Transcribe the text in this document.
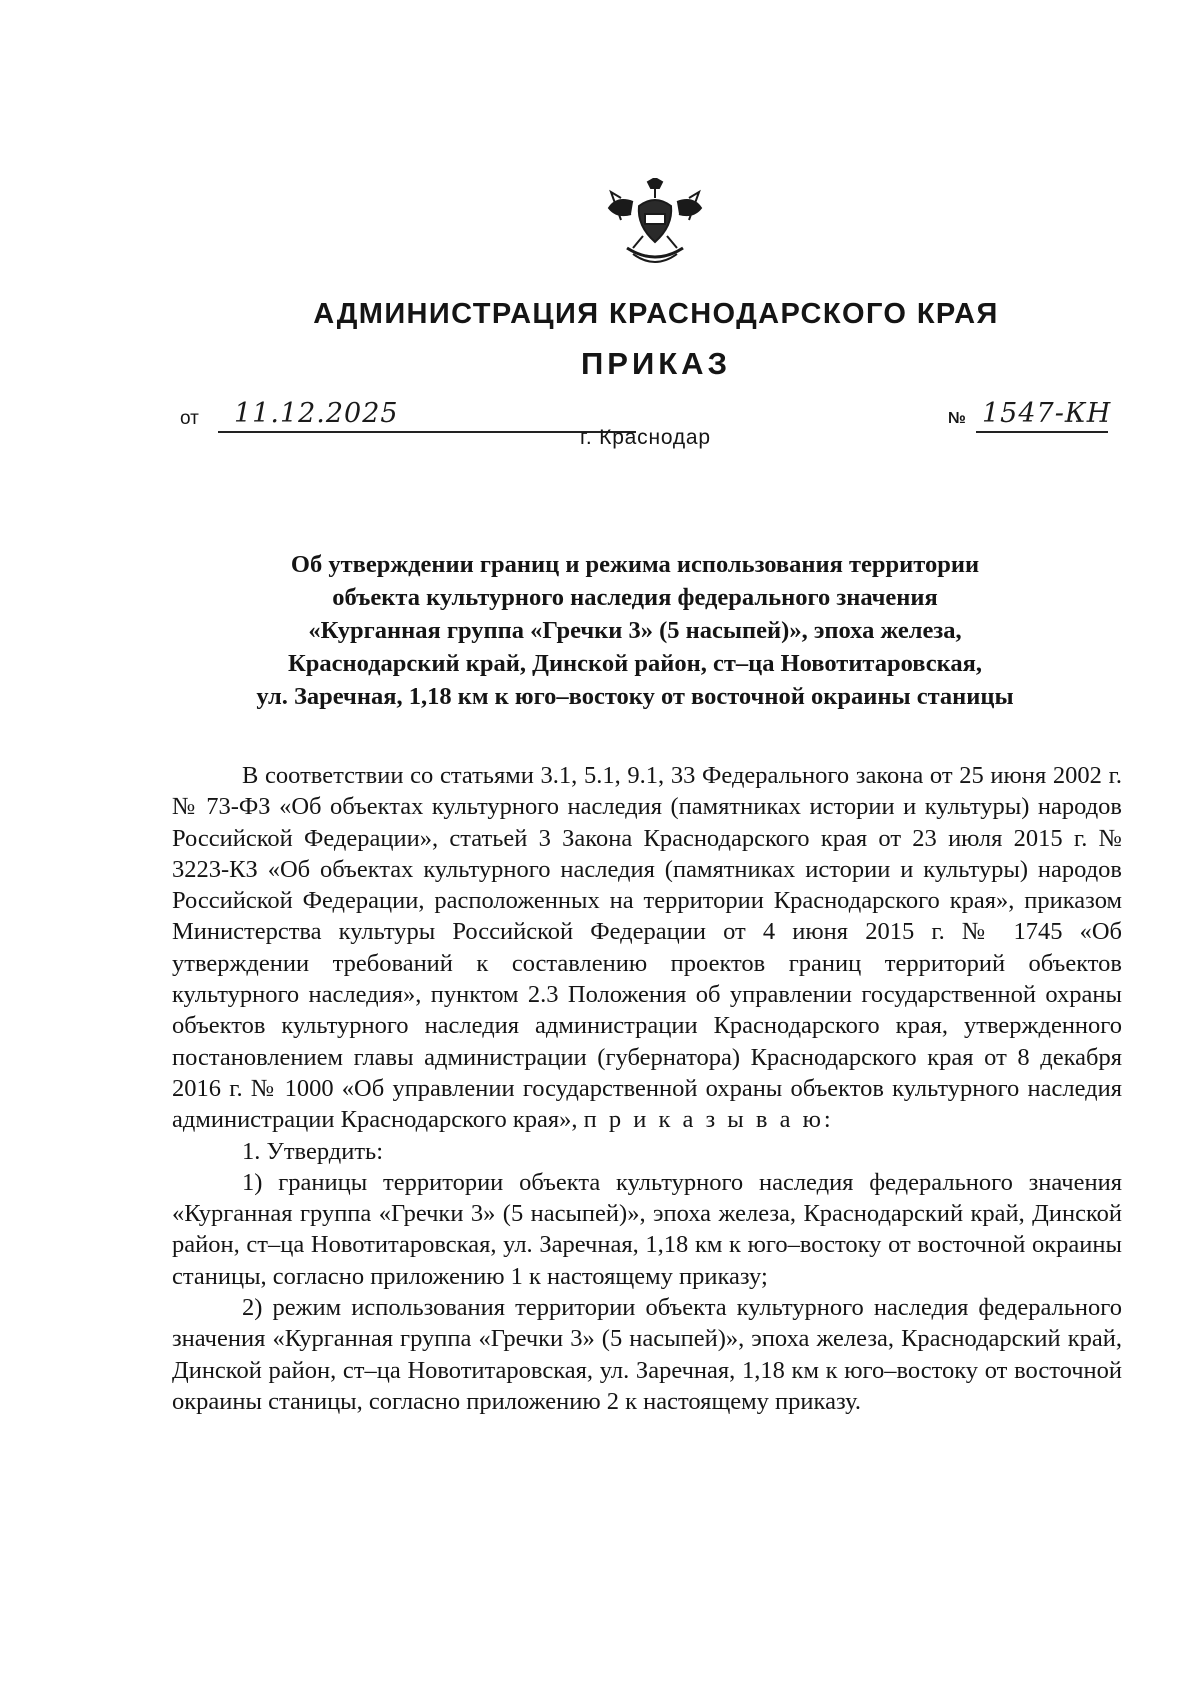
АДМИНИСТРАЦИЯ КРАСНОДАРСКОГО КРАЯ
ПРИКАЗ
от 11.12.2025
г. Краснодар
№ 1547-КН
Об утверждении границ и режима использования территории
объекта культурного наследия федерального значения
«Курганная группа «Гречки 3» (5 насыпей)», эпоха железа,
Краснодарский край, Динской район, ст–ца Новотитаровская,
ул. Заречная, 1,18 км к юго–востоку от восточной окраины станицы

В соответствии со статьями 3.1, 5.1, 9.1, 33 Федерального закона от 25 июня 2002 г. № 73-ФЗ «Об объектах культурного наследия (памятниках истории и культуры) народов Российской Федерации», статьей 3 Закона Краснодарского края от 23 июля 2015 г. № 3223-КЗ «Об объектах культурного наследия (памятниках истории и культуры) народов Российской Федерации, расположенных на территории Краснодарского края», приказом Министерства культуры Российской Федерации от 4 июня 2015 г. № 1745 «Об утверждении требований к составлению проектов границ территорий объектов культурного наследия», пунктом 2.3 Положения об управлении государственной охраны объектов культурного наследия администрации Краснодарского края, утвержденного постановлением главы администрации (губернатора) Краснодарского края от 8 декабря 2016 г. № 1000 «Об управлении государственной охраны объектов культурного наследия администрации Краснодарского края», п р и к а з ы в а ю:

1. Утвердить:

1) границы территории объекта культурного наследия федерального значения «Курганная группа «Гречки 3» (5 насыпей)», эпоха железа, Краснодарский край, Динской район, ст–ца Новотитаровская, ул. Заречная, 1,18 км к юго–востоку от восточной окраины станицы, согласно приложению 1 к настоящему приказу;

2) режим использования территории объекта культурного наследия федерального значения «Курганная группа «Гречки 3» (5 насыпей)», эпоха железа, Краснодарский край, Динской район, ст–ца Новотитаровская, ул. Заречная, 1,18 км к юго–востоку от восточной окраины станицы, согласно приложению 2 к настоящему приказу.
